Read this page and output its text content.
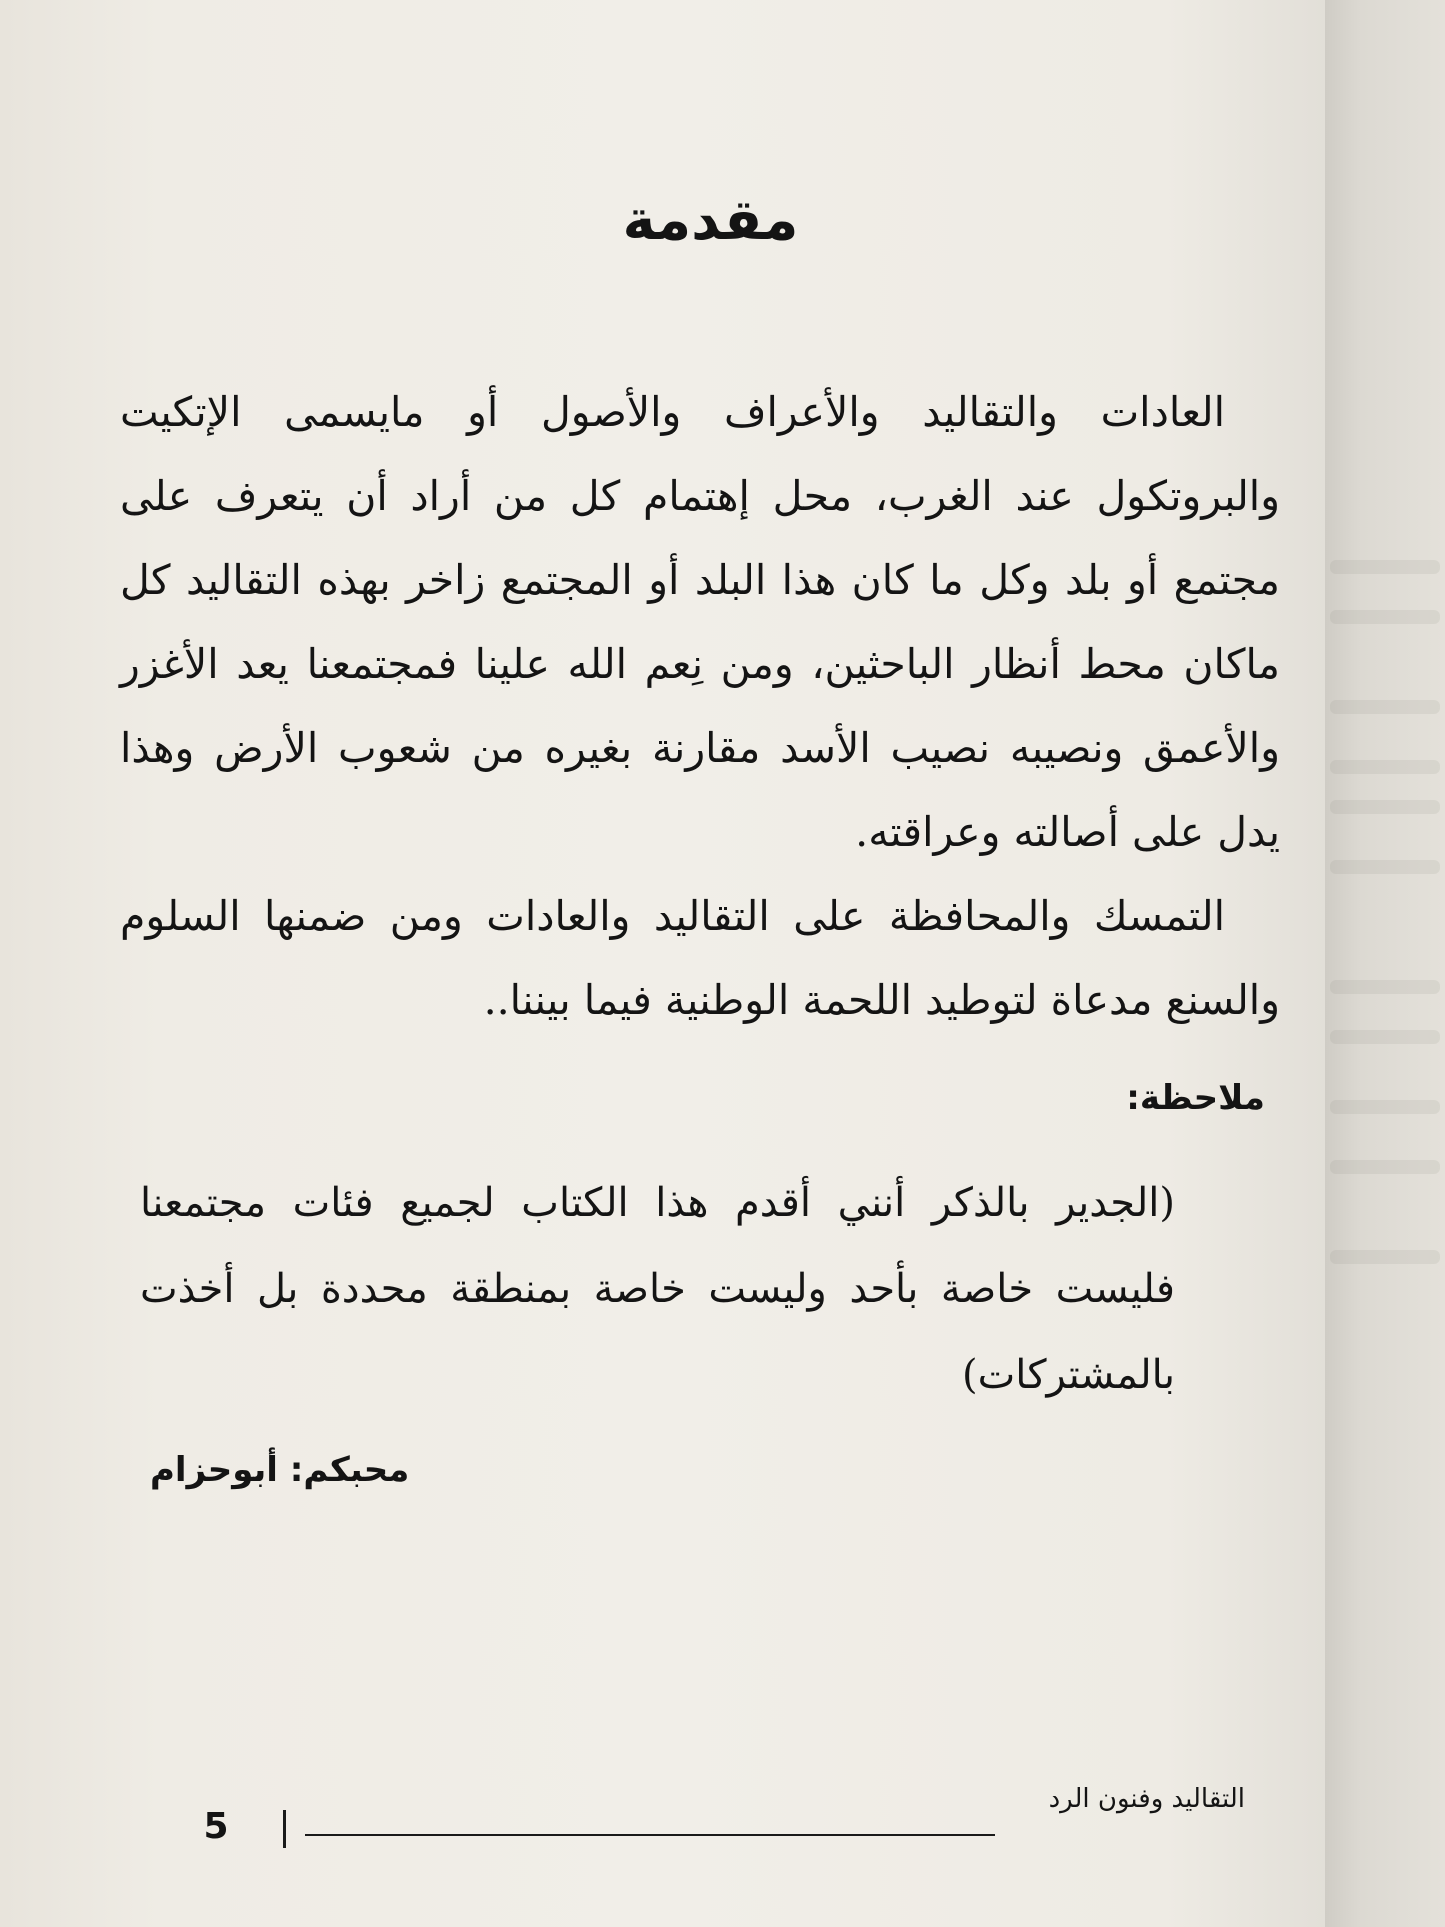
مقدمة

العادات والتقاليد والأعراف والأصول أو مايسمى الإتكيت والبروتكول عند الغرب، محل إهتمام كل من أراد أن يتعرف على مجتمع أو بلد وكل ما كان هذا البلد أو المجتمع زاخر بهذه التقاليد كل ماكان محط أنظار الباحثين، ومن نِعم الله علينا فمجتمعنا يعد الأغزر والأعمق ونصيبه نصيب الأسد مقارنة بغيره من شعوب الأرض وهذا يدل على أصالته وعراقته.

التمسك والمحافظة على التقاليد والعادات ومن ضمنها السلوم والسنع مدعاة لتوطيد اللحمة الوطنية فيما بيننا..

ملاحظة:
(الجدير بالذكر أنني أقدم هذا الكتاب لجميع فئات مجتمعنا فليست خاصة بأحد وليست خاصة بمنطقة محددة بل أخذت بالمشتركات)
محبكم: أبوحزام
التقاليد وفنون الرد
5
